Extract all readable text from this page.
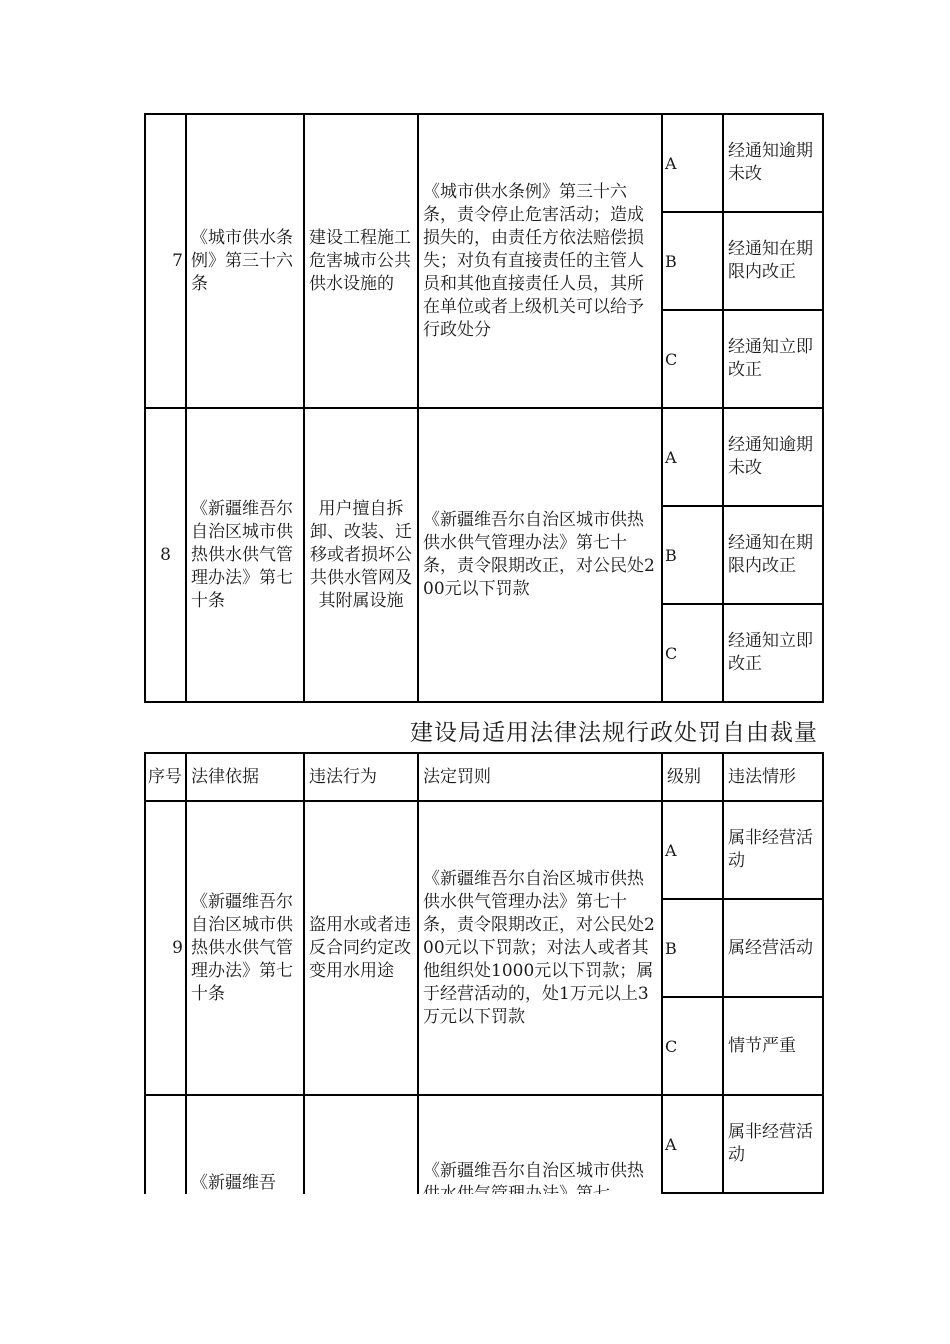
7	《城市供水条例》第三十六条	建设工程施工危害城市公共供水设施的	《城市供水条例》第三十六条，责令停止危害活动；造成损失的，由责任方依法赔偿损失；对负有直接责任的主管人员和其他直接责任人员，其所在单位或者上级机关可以给予行政处分	A	经通知逾期未改
				B	经通知在期限内改正
				C	经通知立即改正
8	《新疆维吾尔自治区城市供热供水供气管理办法》第七十条	用户擅自拆卸、改装、迁移或者损坏公共供水管网及其附属设施	《新疆维吾尔自治区城市供热供水供气管理办法》第七十条，责令限期改正，对公民处200元以下罚款	A	经通知逾期未改
				B	经通知在期限内改正
				C	经通知立即改正
建设局适用法律法规行政处罚自由裁量
序号	法律依据	违法行为	法定罚则	级别	违法情形
9	《新疆维吾尔自治区城市供热供水供气管理办法》第七十条	盗用水或者违反合同约定改变用水用途	《新疆维吾尔自治区城市供热供水供气管理办法》第七十条，责令限期改正，对公民处200元以下罚款；对法人或者其他组织处1000元以下罚款；属于经营活动的，处1万元以上3万元以下罚款	A	属非经营活动
				B	属经营活动
				C	情节严重
	《新疆维吾		《新疆维吾尔自治区城市供热	A	属非经营活动
